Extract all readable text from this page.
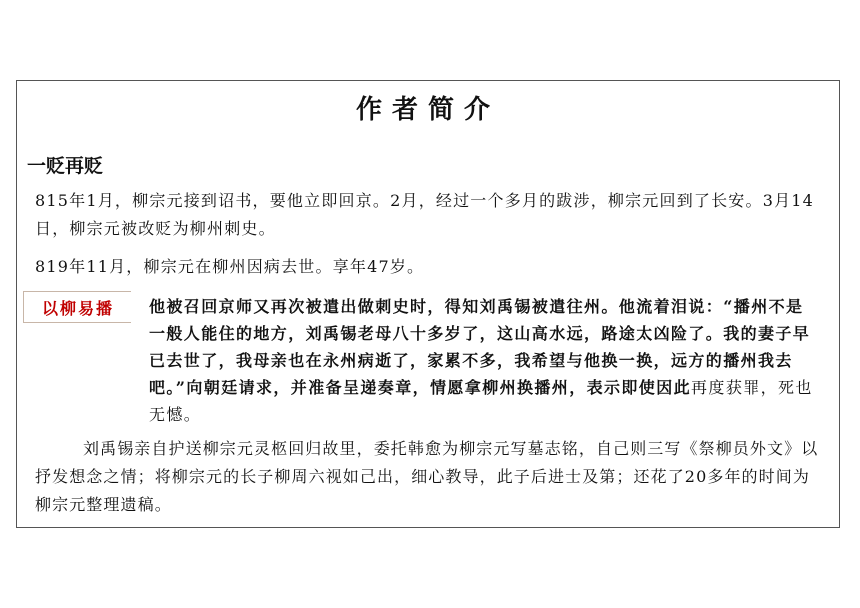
作者简介
一贬再贬
815年1月，柳宗元接到诏书，要他立即回京。2月，经过一个多月的跋涉，柳宗元回到了长安。3月14日，柳宗元被改贬为柳州刺史。
819年11月，柳宗元在柳州因病去世。享年47岁。
以柳易播 他被召回京师又再次被遣出做刺史时，得知刘禹锡被遣往州。他流着泪说：“播州不是一般人能住的地方，刘禹锡老母八十多岁了，这山高水远，路途太凶险了。我的妻子早已去世了，我母亲也在永州病逝了，家累不多，我希望与他换一换，远方的播州我去吧。”向朝廷请求，并准备呈递奏章，情愿拿柳州换播州，表示即使因此再度获罪，死也无憾。
刘禹锡亲自护送柳宗元灵柩回归故里，委托韩愈为柳宗元写墓志铭，自己则三写《祭柳员外文》以抒发想念之情；将柳宗元的长子柳周六视如己出，细心教导，此子后进士及第；还花了20多年的时间为柳宗元整理遗稿。
